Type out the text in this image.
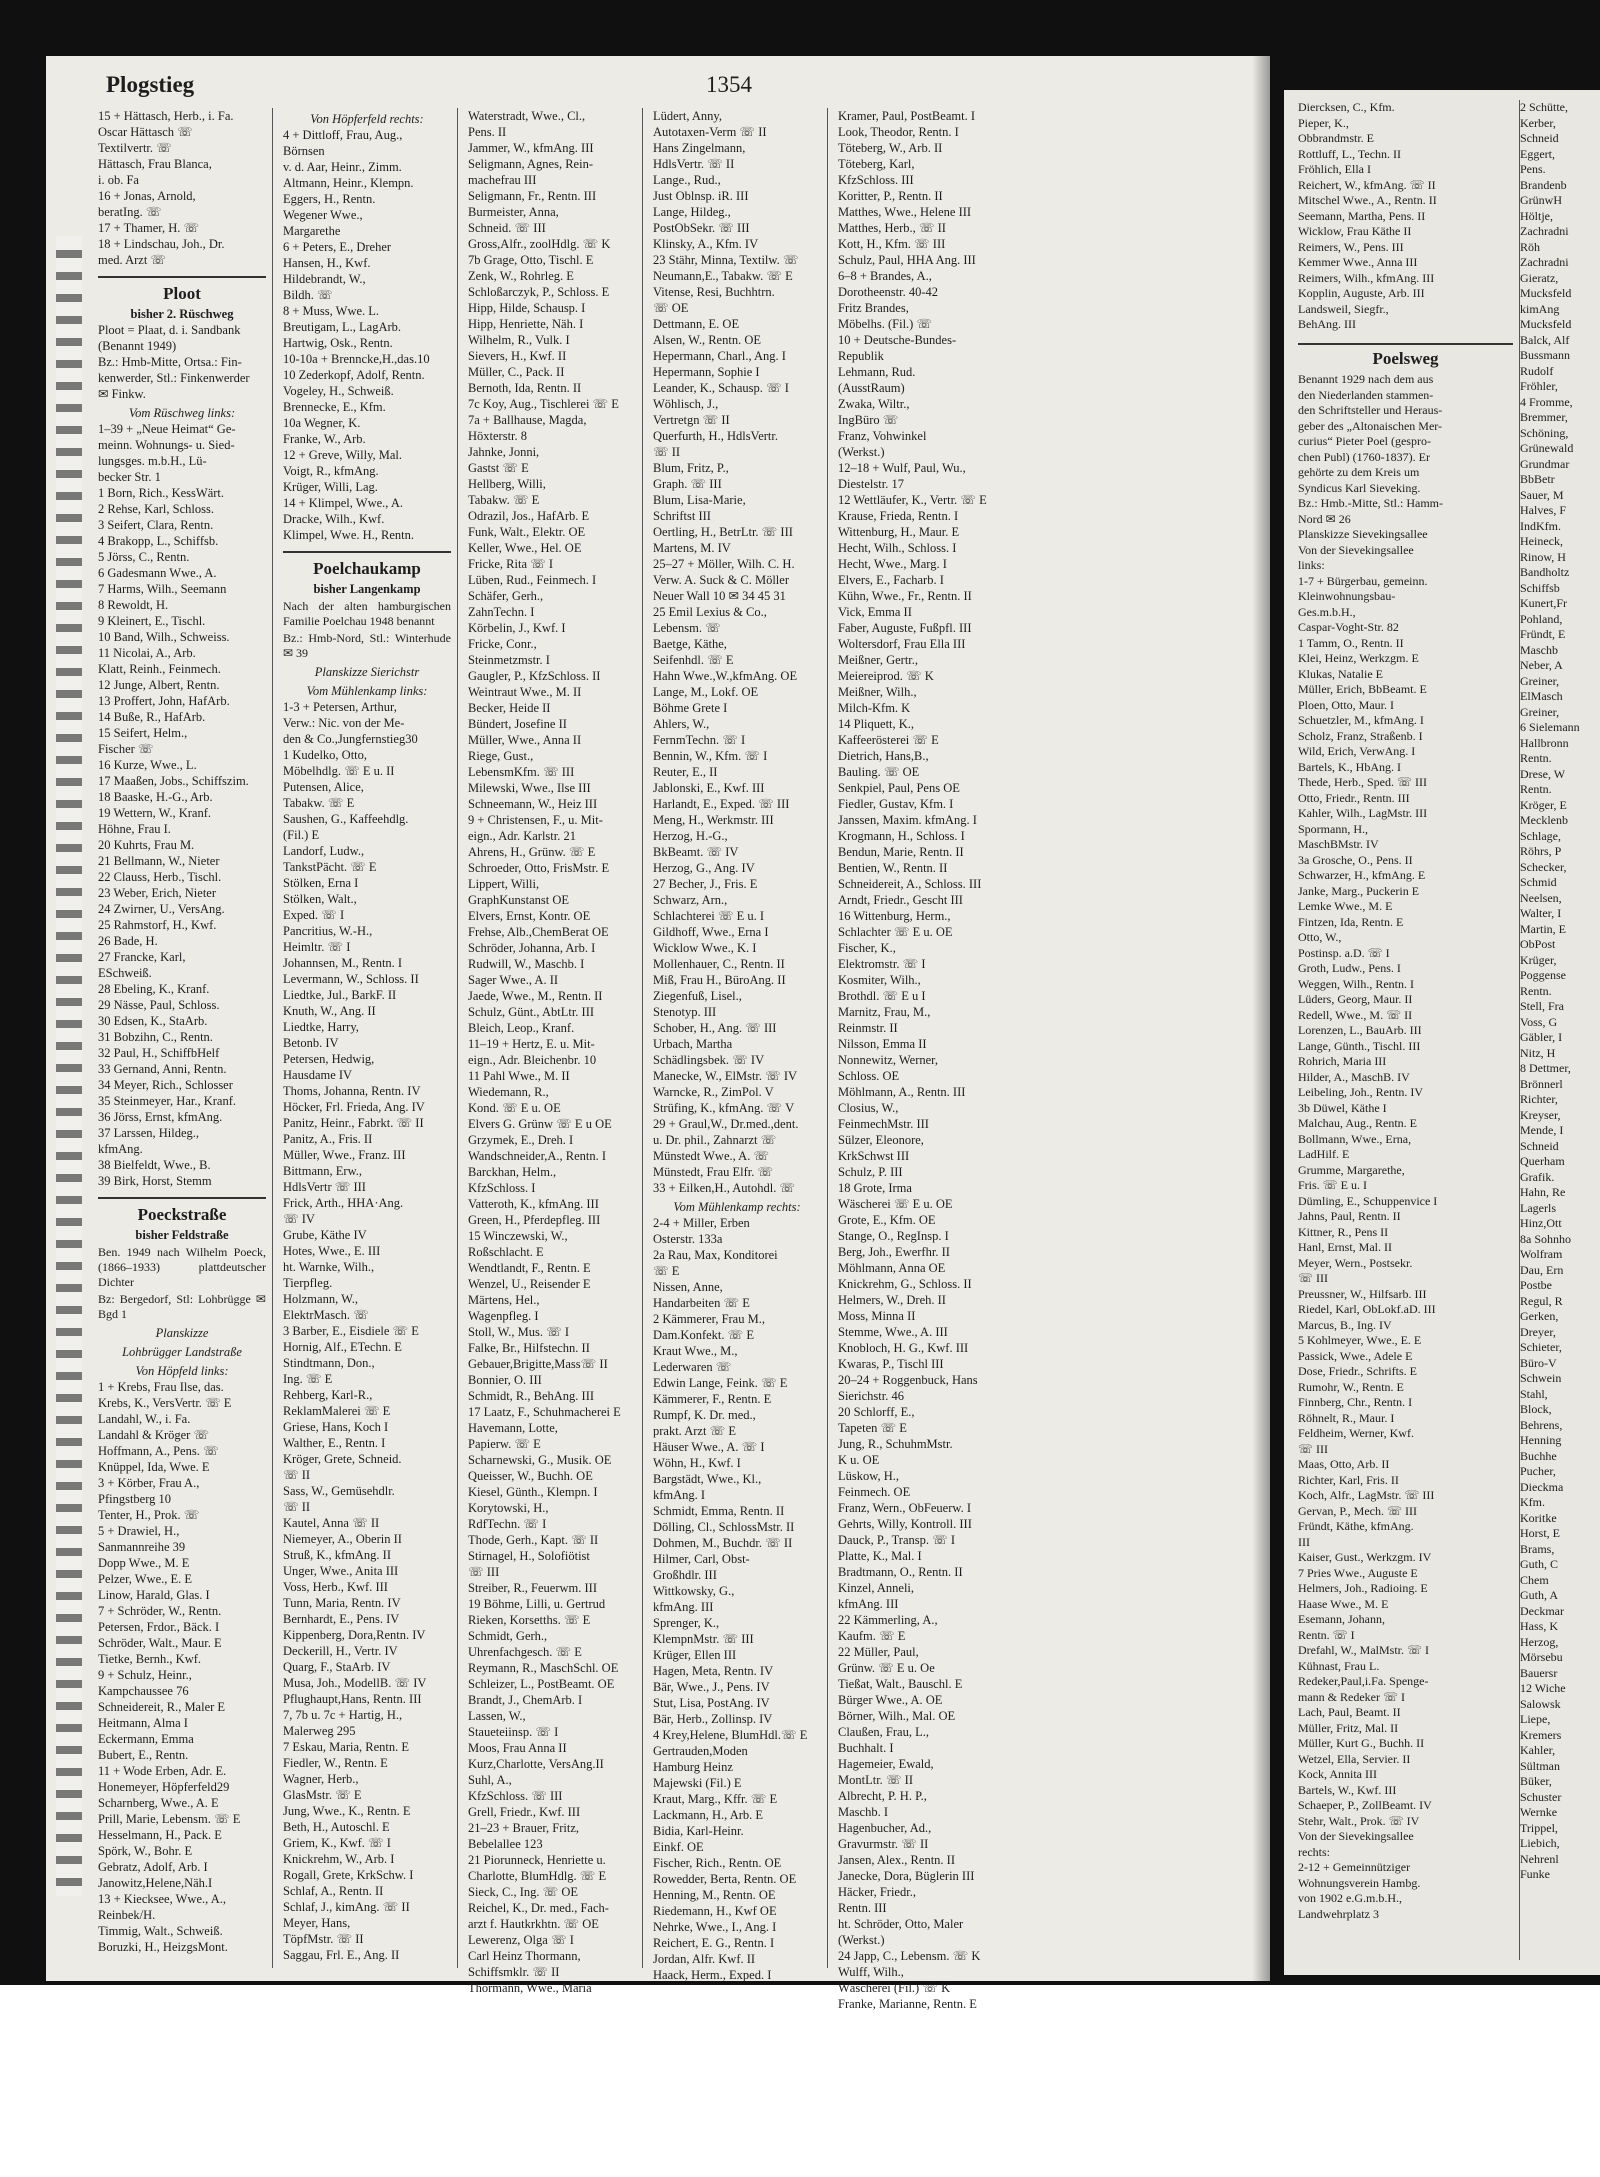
Plogstieg	1354
15 + Hättasch, Herb., i. Fa.
Oscar Hättasch ☏
Textilvertr. ☏
Hättasch, Frau Blanca,
i. ob. Fa
16 + Jonas, Arnold,
beratIng. ☏
17 + Thamer, H. ☏
18 + Lindschau, Joh., Dr.
med. Arzt ☏
Ploot
bisher 2. Rüschweg
Ploot = Plaat, d. i. Sandbank
(Benannt 1949)
Bz.: Hmb-Mitte, Ortsa.: Fin-
kenwerder, Stl.: Finkenwerder
✉ Finkw.
Vom Rüschweg links:
1–39 + „Neue Heimat“ Ge-
meinn. Wohnungs- u. Sied-
lungsges. m.b.H., Lü-
becker Str. 1
1 Born, Rich., KessWärt.
2 Rehse, Karl, Schloss.
3 Seifert, Clara, Rentn.
4 Brakopp, L., Schiffsb.
5 Jörss, C., Rentn.
6 Gadesmann Wwe., A.
7 Harms, Wilh., Seemann
8 Rewoldt, H.
9 Kleinert, E., Tischl.
10 Band, Wilh., Schweiss.
11 Nicolai, A., Arb.
Klatt, Reinh., Feinmech.
12 Junge, Albert, Rentn.
13 Proffert, John, HafArb.
14 Buße, R., HafArb.
15 Seifert, Helm.,
Fischer ☏
16 Kurze, Wwe., L.
17 Maaßen, Jobs., Schiffszim.
18 Baaske, H.-G., Arb.
19 Wettern, W., Kranf.
Höhne, Frau I.
20 Kuhrts, Frau M.
21 Bellmann, W., Nieter
22 Clauss, Herb., Tischl.
23 Weber, Erich, Nieter
24 Zwirner, U., VersAng.
25 Rahmstorf, H., Kwf.
26 Bade, H.
27 Francke, Karl,
ESchweiß.
28 Ebeling, K., Kranf.
29 Nässe, Paul, Schloss.
30 Edsen, K., StaArb.
31 Bobzihn, C., Rentn.
32 Paul, H., SchiffbHelf
33 Gernand, Anni, Rentn.
34 Meyer, Rich., Schlosser
35 Steinmeyer, Har., Kranf.
36 Jörss, Ernst, kfmAng.
37 Larssen, Hildeg.,
kfmAng.
38 Bielfeldt, Wwe., B.
39 Birk, Horst, Stemm
Poeckstraße
bisher Feldstraße
Ben. 1949 nach Wilhelm Poeck, (1866–1933) plattdeutscher Dichter
Bz: Bergedorf, Stl: Lohbrügge ✉ Bgd 1
Planskizze
Lohbrügger Landstraße
Von Höpfeld links:
1 + Krebs, Frau Ilse, das.
Krebs, K., VersVertr. ☏ E
Landahl, W., i. Fa.
Landahl & Kröger ☏
Hoffmann, A., Pens. ☏
Knüppel, Ida, Wwe. E
3 + Körber, Frau A.,
Pfingstberg 10
Tenter, H., Prok. ☏
5 + Drawiel, H.,
Sanmannreihe 39
Dopp Wwe., M. E
Pelzer, Wwe., E. E
Linow, Harald, Glas. I
7 + Schröder, W., Rentn.
Petersen, Frdor., Bäck. I
Schröder, Walt., Maur. E
Tietke, Bernh., Kwf.
9 + Schulz, Heinr.,
Kampchaussee 76
Schneidereit, R., Maler E
Heitmann, Alma I
Eckermann, Emma
Bubert, E., Rentn.
11 + Wode Erben, Adr. E.
Honemeyer, Höpferfeld29
Scharnberg, Wwe., A. E
Prill, Marie, Lebensm. ☏ E
Hesselmann, H., Pack. E
Spörk, W., Bohr. E
Gebratz, Adolf, Arb. I
Janowitz,Helene,Näh.I
13 + Kiecksee, Wwe., A.,
Reinbek/H.
Timmig, Walt., Schweiß.
Boruzki, H., HeizgsMont.
Von Höpferfeld rechts:
4 + Dittloff, Frau, Aug.,
Börnsen
v. d. Aar, Heinr., Zimm.
Altmann, Heinr., Klempn.
Eggers, H., Rentn.
Wegener Wwe.,
Margarethe
6 + Peters, E., Dreher
Hansen, H., Kwf.
Hildebrandt, W.,
Bildh. ☏
8 + Muss, Wwe. L.
Breutigam, L., LagArb.
Hartwig, Osk., Rentn.
10-10a + Brenncke,H.,das.10
10 Zederkopf, Adolf, Rentn.
Vogeley, H., Schweiß.
Brennecke, E., Kfm.
10a Wegner, K.
Franke, W., Arb.
12 + Greve, Willy, Mal.
Voigt, R., kfmAng.
Krüger, Willi, Lag.
14 + Klimpel, Wwe., A.
Dracke, Wilh., Kwf.
Klimpel, Wwe. H., Rentn.
Poelchaukamp
bisher Langenkamp
Nach der alten hamburgischen Familie Poelchau 1948 benannt
Bz.: Hmb-Nord, Stl.: Winterhude ✉ 39
Planskizze Sierichstr
Vom Mühlenkamp links:
1-3 + Petersen, Arthur,
Verw.: Nic. von der Me-
den & Co.,Jungfernstieg30
1 Kudelko, Otto,
Möbelhdlg. ☏ E u. II
Putensen, Alice,
Tabakw. ☏ E
Saushen, G., Kaffeehdlg.
(Fil.) E
Landorf, Ludw.,
TankstPächt. ☏ E
Stölken, Erna I
Stölken, Walt.,
Exped. ☏ I
Pancritius, W.-H.,
Heimltr. ☏ I
Johannsen, M., Rentn. I
Levermann, W., Schloss. II
Liedtke, Jul., BarkF. II
Knuth, W., Ang. II
Liedtke, Harry,
Betonb. IV
Petersen, Hedwig,
Hausdame IV
Thoms, Johanna, Rentn. IV
Höcker, Frl. Frieda, Ang. IV
Panitz, Heinr., Fabrkt. ☏ II
Panitz, A., Fris. II
Müller, Wwe., Franz. III
Bittmann, Erw.,
HdlsVertr ☏ III
Frick, Arth., HHA·Ang.
☏ IV
Grube, Käthe IV
Hotes, Wwe., E. III
ht. Warnke, Wilh.,
Tierpfleg.
Holzmann, W.,
ElektrMasch. ☏
3 Barber, E., Eisdiele ☏ E
Hornig, Alf., ETechn. E
Stindtmann, Don.,
Ing. ☏ E
Rehberg, Karl-R.,
ReklamMalerei ☏ E
Griese, Hans, Koch I
Walther, E., Rentn. I
Kröger, Grete, Schneid.
☏ II
Sass, W., Gemüsehdlr.
☏ II
Kautel, Anna ☏ II
Niemeyer, A., Oberin II
Struß, K., kfmAng. II
Unger, Wwe., Anita III
Voss, Herb., Kwf. III
Tunn, Maria, Rentn. IV
Bernhardt, E., Pens. IV
Kippenberg, Dora,Rentn. IV
Deckerill, H., Vertr. IV
Quarg, F., StaArb. IV
Musa, Joh., ModellB. ☏ IV
Pflughaupt,Hans, Rentn. III
7, 7b u. 7c + Hartig, H.,
Malerweg 295
7 Eskau, Maria, Rentn. E
Fiedler, W., Rentn. E
Wagner, Herb.,
GlasMstr. ☏ E
Jung, Wwe., K., Rentn. E
Beth, H., Autoschl. E
Griem, K., Kwf. ☏ I
Knickrehm, W., Arb. I
Rogall, Grete, KrkSchw. I
Schlaf, A., Rentn. II
Schlaf, J., kimAng. ☏ II
Meyer, Hans,
TöpfMstr. ☏ II
Saggau, Frl. E., Ang. II
Waterstradt, Wwe., Cl.,
Pens. II
Jammer, W., kfmAng. III
Seligmann, Agnes, Rein-
machefrau III
Seligmann, Fr., Rentn. III
Burmeister, Anna,
Schneid. ☏ III
Gross,Alfr., zoolHdlg. ☏ K
7b Grage, Otto, Tischl. E
Zenk, W., Rohrleg. E
Schloßarczyk, P., Schloss. E
Hipp, Hilde, Schausp. I
Hipp, Henriette, Näh. I
Wilhelm, R., Vulk. I
Sievers, H., Kwf. II
Müller, C., Pack. II
Bernoth, Ida, Rentn. II
7c Koy, Aug., Tischlerei ☏ E
7a + Ballhause, Magda,
Höxterstr. 8
Jahnke, Jonni,
Gastst ☏ E
Hellberg, Willi,
Tabakw. ☏ E
Odrazil, Jos., HafArb. E
Funk, Walt., Elektr. OE
Keller, Wwe., Hel. OE
Fricke, Rita ☏ I
Lüben, Rud., Feinmech. I
Schäfer, Gerh.,
ZahnTechn. I
Körbelin, J., Kwf. I
Fricke, Conr.,
Steinmetzmstr. I
Gaugler, P., KfzSchloss. II
Weintraut Wwe., M. II
Becker, Heide II
Bündert, Josefine II
Müller, Wwe., Anna II
Riege, Gust.,
LebensmKfm. ☏ III
Milewski, Wwe., Ilse III
Schneemann, W., Heiz III
9 + Christensen, F., u. Mit-
eign., Adr. Karlstr. 21
Ahrens, H., Grünw. ☏ E
Schroeder, Otto, FrisMstr. E
Lippert, Willi,
GraphKunstanst OE
Elvers, Ernst, Kontr. OE
Frehse, Alb.,ChemBerat OE
Schröder, Johanna, Arb. I
Rudwill, W., Maschb. I
Sager Wwe., A. II
Jaede, Wwe., M., Rentn. II
Schulz, Günt., AbtLtr. III
Bleich, Leop., Kranf.
11–19 + Hertz, E. u. Mit-
eign., Adr. Bleichenbr. 10
11 Pahl Wwe., M. II
Wiedemann, R.,
Kond. ☏ E u. OE
Elvers G. Grünw ☏ E u OE
Grzymek, E., Dreh. I
Wandschneider,A., Rentn. I
Barckhan, Helm.,
KfzSchloss. I
Vatteroth, K., kfmAng. III
Green, H., Pferdepfleg. III
15 Winczewski, W.,
Roßschlacht. E
Wendtlandt, F., Rentn. E
Wenzel, U., Reisender E
Märtens, Hel.,
Wagenpfleg. I
Stoll, W., Mus. ☏ I
Falke, Br., Hilfstechn. II
Gebauer,Brigitte,Mass☏ II
Bonnier, O. III
Schmidt, R., BehAng. III
17 Laatz, F., Schuhmacherei E
Havemann, Lotte,
Papierw. ☏ E
Scharnewski, G., Musik. OE
Queisser, W., Buchh. OE
Kiesel, Günth., Klempn. I
Korytowski, H.,
RdfTechn. ☏ I
Thode, Gerh., Kapt. ☏ II
Stirnagel, H., Solofiötist
☏ III
Streiber, R., Feuerwm. III
19 Böhme, Lilli, u. Gertrud
Rieken, Korsetths. ☏ E
Schmidt, Gerh.,
Uhrenfachgesch. ☏ E
Reymann, R., MaschSchl. OE
Schleizer, L., PostBeamt. OE
Brandt, J., ChemArb. I
Lassen, W.,
Staueteiinsp. ☏ I
Moos, Frau Anna II
Kurz,Charlotte, VersAng.II
Suhl, A.,
KfzSchloss. ☏ III
Grell, Friedr., Kwf. III
21–23 + Brauer, Fritz,
Bebelallee 123
21 Piorunneck, Henriette u.
Charlotte, BlumHdlg. ☏ E
Sieck, C., Ing. ☏ OE
Reichel, K., Dr. med., Fach-
arzt f. Hautkrkhtn. ☏ OE
Lewerenz, Olga ☏ I
Carl Heinz Thormann,
Schiffsmklr. ☏ II
Thormann, Wwe., Maria
Lüdert, Anny,
Autotaxen-Verm ☏ II
Hans Zingelmann,
HdlsVertr. ☏ II
Lange., Rud.,
Just Oblnsp. iR. III
Lange, Hildeg.,
PostObSekr. ☏ III
Klinsky, A., Kfm. IV
23 Stähr, Minna, Textilw. ☏
Neumann,E., Tabakw. ☏ E
Vitense, Resi, Buchhtrn.
☏ OE
Dettmann, E. OE
Alsen, W., Rentn. OE
Hepermann, Charl., Ang. I
Hepermann, Sophie I
Leander, K., Schausp. ☏ I
Wöhlisch, J.,
Vertretgn ☏ II
Querfurth, H., HdlsVertr.
☏ II
Blum, Fritz, P.,
Graph. ☏ III
Blum, Lisa-Marie,
Schriftst III
Oertling, H., BetrLtr. ☏ III
Martens, M. IV
25–27 + Möller, Wilh. C. H.
Verw. A. Suck & C. Möller
Neuer Wall 10 ✉ 34 45 31
25 Emil Lexius & Co.,
Lebensm. ☏
Baetge, Käthe,
Seifenhdl. ☏ E
Hahn Wwe.,W.,kfmAng. OE
Lange, M., Lokf. OE
Böhme Grete I
Ahlers, W.,
FernmTechn. ☏ I
Bennin, W., Kfm. ☏ I
Reuter, E., II
Jablonski, E., Kwf. III
Harlandt, E., Exped. ☏ III
Meng, H., Werkmstr. III
Herzog, H.-G.,
BkBeamt. ☏ IV
Herzog, G., Ang. IV
27 Becher, J., Fris. E
Schwarz, Arn.,
Schlachterei ☏ E u. I
Gildhoff, Wwe., Erna I
Wicklow Wwe., K. I
Mollenhauer, C., Rentn. II
Miß, Frau H., BüroAng. II
Ziegenfuß, Lisel.,
Stenotyp. III
Schober, H., Ang. ☏ III
Urbach, Martha
Schädlingsbek. ☏ IV
Manecke, W., ElMstr. ☏ IV
Warncke, R., ZimPol. V
Strüfing, K., kfmAng. ☏ V
29 + Graul,W., Dr.med.,dent.
u. Dr. phil., Zahnarzt ☏
Münstedt Wwe., A. ☏
Münstedt, Frau Elfr. ☏
33 + Eilken,H., Autohdl. ☏
Vom Mühlenkamp rechts:
2-4 + Miller, Erben
Osterstr. 133a
2a Rau, Max, Konditorei
☏ E
Nissen, Anne,
Handarbeiten ☏ E
2 Kämmerer, Frau M.,
Dam.Konfekt. ☏ E
Kraut Wwe., M.,
Lederwaren ☏
Edwin Lange, Feink. ☏ E
Kämmerer, F., Rentn. E
Rumpf, K. Dr. med.,
prakt. Arzt ☏ E
Häuser Wwe., A. ☏ I
Wöhn, H., Kwf. I
Bargstädt, Wwe., Kl.,
kfmAng. I
Schmidt, Emma, Rentn. II
Dölling, Cl., SchlossMstr. II
Dohmen, M., Buchdr. ☏ II
Hilmer, Carl, Obst-
Großhdlr. III
Wittkowsky, G.,
kfmAng. III
Sprenger, K.,
KlempnMstr. ☏ III
Krüger, Ellen III
Hagen, Meta, Rentn. IV
Bär, Wwe., J., Pens. IV
Stut, Lisa, PostAng. IV
Bär, Herb., Zollinsp. IV
4 Krey,Helene, BlumHdl.☏ E
Gertrauden,Moden
Hamburg Heinz
Majewski (Fil.) E
Kraut, Marg., Kffr. ☏ E
Lackmann, H., Arb. E
Bidia, Karl-Heinr.
Einkf. OE
Fischer, Rich., Rentn. OE
Rowedder, Berta, Rentn. OE
Henning, M., Rentn. OE
Riedemann, H., Kwf OE
Nehrke, Wwe., I., Ang. I
Reichert, E. G., Rentn. I
Jordan, Alfr. Kwf. II
Haack, Herm., Exped. I
Kramer, Paul, PostBeamt. I
Look, Theodor, Rentn. I
Töteberg, W., Arb. II
Töteberg, Karl,
KfzSchloss. III
Koritter, P., Rentn. II
Matthes, Wwe., Helene III
Matthes, Herb., ☏ II
Kott, H., Kfm. ☏ III
Schulz, Paul, HHA Ang. III
6–8 + Brandes, A.,
Dorotheenstr. 40-42
Fritz Brandes,
Möbelhs. (Fil.) ☏
10 + Deutsche-Bundes-
Republik
Lehmann, Rud.
(AusstRaum)
Zwaka, Wiltr.,
IngBüro ☏
Franz, Vohwinkel
(Werkst.)
12–18 + Wulf, Paul, Wu.,
Diestelstr. 17
12 Wettläufer, K., Vertr. ☏ E
Krause, Frieda, Rentn. I
Wittenburg, H., Maur. E
Hecht, Wilh., Schloss. I
Hecht, Wwe., Marg. I
Elvers, E., Facharb. I
Kühn, Wwe., Fr., Rentn. II
Vick, Emma II
Faber, Auguste, Fußpfl. III
Woltersdorf, Frau Ella III
Meißner, Gertr.,
Meiereiprod. ☏ K
Meißner, Wilh.,
Milch-Kfm. K
14 Pliquett, K.,
Kaffeerösterei ☏ E
Dietrich, Hans,B.,
Bauling. ☏ OE
Senkpiel, Paul, Pens OE
Fiedler, Gustav, Kfm. I
Janssen, Maxim. kfmAng. I
Krogmann, H., Schloss. I
Bendun, Marie, Rentn. II
Bentien, W., Rentn. II
Schneidereit, A., Schloss. III
Arndt, Friedr., Gescht III
16 Wittenburg, Herm.,
Schlachter ☏ E u. OE
Fischer, K.,
Elektromstr. ☏ I
Kosmiter, Wilh.,
Brothdl. ☏ E u I
Marnitz, Frau, M.,
Reinmstr. II
Nilsson, Emma II
Nonnewitz, Werner,
Schloss. OE
Möhlmann, A., Rentn. III
Closius, W.,
FeinmechMstr. III
Sülzer, Eleonore,
KrkSchwst III
Schulz, P. III
18 Grote, Irma
Wäscherei ☏ E u. OE
Grote, E., Kfm. OE
Stange, O., RegInsp. I
Berg, Joh., Ewerfhr. II
Möhlmann, Anna OE
Knickrehm, G., Schloss. II
Helmers, W., Dreh. II
Moss, Minna II
Stemme, Wwe., A. III
Knobloch, H. G., Kwf. III
Kwaras, P., Tischl III
20–24 + Roggenbuck, Hans
Sierichstr. 46
20 Schlorff, E.,
Tapeten ☏ E
Jung, R., SchuhmMstr.
K u. OE
Lüskow, H.,
Feinmech. OE
Franz, Wern., ObFeuerw. I
Gehrts, Willy, Kontroll. III
Dauck, P., Transp. ☏ I
Platte, K., Mal. I
Bradtmann, O., Rentn. II
Kinzel, Anneli,
kfmAng. III
22 Kämmerling, A.,
Kaufm. ☏ E
22 Müller, Paul,
Grünw. ☏ E u. Oe
Tießat, Walt., Bauschl. E
Bürger Wwe., A. OE
Börner, Wilh., Mal. OE
Claußen, Frau, L.,
Buchhalt. I
Hagemeier, Ewald,
MontLtr. ☏ II
Albrecht, P. H. P.,
Maschb. I
Hagenbucher, Ad.,
Gravurmstr. ☏ II
Jansen, Alex., Rentn. II
Janecke, Dora, Büglerin III
Häcker, Friedr.,
Rentn. III
ht. Schröder, Otto, Maler
(Werkst.)
24 Japp, C., Lebensm. ☏ K
Wulff, Wilh.,
Wäscherei (Fil.) ☏ K
Franke, Marianne, Rentn. E
Diercksen, C., Kfm.
Pieper, K.,
Obbrandmstr. E
Rottluff, L., Techn. II
Fröhlich, Ella I
Reichert, W., kfmAng. ☏ II
Mitschel Wwe., A., Rentn. II
Seemann, Martha, Pens. II
Wicklow, Frau Käthe II
Reimers, W., Pens. III
Kemmer Wwe., Anna III
Reimers, Wilh., kfmAng. III
Kopplin, Auguste, Arb. III
Landsweil, Siegfr.,
BehAng. III
Poelsweg
Benannt 1929 nach dem aus
den Niederlanden stammen-
den Schriftsteller und Heraus-
geber des „Altonaischen Mer-
curius“ Pieter Poel (gespro-
chen Publ) (1760-1837). Er
gehörte zu dem Kreis um
Syndicus Karl Sieveking.
Bz.: Hmb.-Mitte, Stl.: Hamm-
Nord ✉ 26
Planskizze Sievekingsallee
Von der Sievekingsallee
links:
1-7 + Bürgerbau, gemeinn.
Kleinwohnungsbau-
Ges.m.b.H.,
Caspar-Voght-Str. 82
1 Tamm, O., Rentn. II
Klei, Heinz, Werkzgm. E
Klukas, Natalie E
Müller, Erich, BbBeamt. E
Ploen, Otto, Maur. I
Schuetzler, M., kfmAng. I
Scholz, Franz, Straßenb. I
Wild, Erich, VerwAng. I
Bartels, K., HbAng. I
Thede, Herb., Sped. ☏ III
Otto, Friedr., Rentn. III
Kahler, Wilh., LagMstr. III
Spormann, H.,
MaschBMstr. IV
3a Grosche, O., Pens. II
Schwarzer, H., kfmAng. E
Janke, Marg., Puckerin E
Lemke Wwe., M. E
Fintzen, Ida, Rentn. E
Otto, W.,
Postinsp. a.D. ☏ I
Groth, Ludw., Pens. I
Weggen, Wilh., Rentn. I
Lüders, Georg, Maur. II
Redell, Wwe., M. ☏ II
Lorenzen, L., BauArb. III
Lange, Günth., Tischl. III
Rohrich, Maria III
Hilder, A., MaschB. IV
Leibeling, Joh., Rentn. IV
3b Düwel, Käthe I
Malchau, Aug., Rentn. E
Bollmann, Wwe., Erna,
LadHilf. E
Grumme, Margarethe,
Fris. ☏ E u. I
Dümling, E., Schuppenvice I
Jahns, Paul, Rentn. II
Kittner, R., Pens II
Hanl, Ernst, Mal. II
Meyer, Wern., Postsekr.
☏ III
Preussner, W., Hilfsarb. III
Riedel, Karl, ObLokf.aD. III
Marcus, B., Ing. IV
5 Kohlmeyer, Wwe., E. E
Passick, Wwe., Adele E
Dose, Friedr., Schrifts. E
Rumohr, W., Rentn. E
Finnberg, Chr., Rentn. I
Röhnelt, R., Maur. I
Feldheim, Werner, Kwf.
☏ III
Maas, Otto, Arb. II
Richter, Karl, Fris. II
Koch, Alfr., LagMstr. ☏ III
Gervan, P., Mech. ☏ III
Fründt, Käthe, kfmAng.
III
Kaiser, Gust., Werkzgm. IV
7 Pries Wwe., Auguste E
Helmers, Joh., Radioing. E
Haase Wwe., M. E
Esemann, Johann,
Rentn. ☏ I
Drefahl, W., MalMstr. ☏ I
Kühnast, Frau L.
Redeker,Paul,i.Fa. Spenge-
mann & Redeker ☏ I
Lach, Paul, Beamt. II
Müller, Fritz, Mal. II
Müller, Kurt G., Buchh. II
Wetzel, Ella, Servier. II
Kock, Annita III
Bartels, W., Kwf. III
Schaeper, P., ZollBeamt. IV
Stehr, Walt., Prok. ☏ IV
Von der Sievekingsallee
rechts:
2-12 + Gemeinnütziger
Wohnungsverein Hambg.
von 1902 e.G.m.b.H.,
Landwehrplatz 3
2 Schütte,
Kerber,
Schneid
Eggert,
Pens.
Brandenb
GrünwH
Höltje,
Zachradni
Röh
Zachradni
Gieratz,
Mucksfeld
kimAng
Mucksfeld
Balck, Alf
Bussmann
Rudolf
Fröhler,
4 Fromme,
Bremmer,
Schöning,
Grünewald
Grundmar
BbBetr
Sauer, M
Halves, F
IndKfm.
Heineck,
Rinow, H
Bandholtz
Schiffsb
Kunert,Fr
Pohland,
Fründt, E
Maschb
Neber, A
Greiner,
ElMasch
Greiner,
6 Sielemann
Hallbronn
Rentn.
Drese, W
Rentn.
Kröger, E
Mecklenb
Schlage,
Röhrs, P
Schecker,
Schmid
Neelsen,
Walter, I
Martin, E
ObPost
Krüger,
Poggense
Rentn.
Stell, Fra
Voss, G
Gäbler, I
Nitz, H
8 Dettmer,
Brönnerl
Richter,
Kreyser,
Mende, I
Schneid
Querham
Grafik.
Hahn, Re
Lagerls
Hinz,Ott
8a Sohnho
Wolfram
Dau, Ern
Postbe
Regul, R
Gerken,
Dreyer,
Schieter,
Büro-V
Schwein
Stahl,
Block,
Behrens,
Henning
Buchhe
Pucher,
Dieckma
Kfm.
Koritke
Horst, E
Brams,
Guth, C
Chem
Guth, A
Deckmar
Hass, K
Herzog,
Mörsebu
Bauersr
12 Wiche
Salowsk
Liepe,
Kremers
Kahler,
Sültman
Büker,
Schuster
Wernke
Trippel,
Liebich,
Nehrenl
Funke
